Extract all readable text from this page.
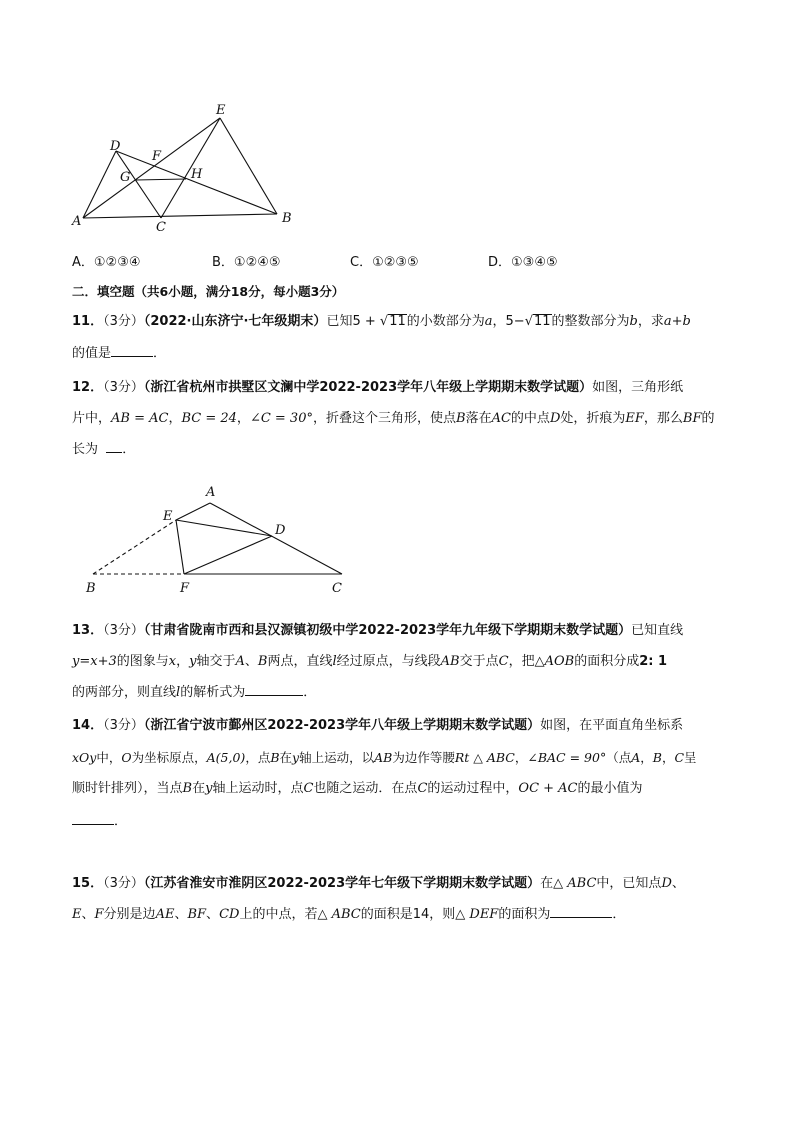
A	B
C
D
E
F
G	H
A．①②③④	B．①②④⑤	C．①②③⑤	D．①③④⑤
二．填空题（共6小题，满分18分，每小题3分）
11．（3分）（2022·山东济宁·七年级期末）已知5 + √11的小数部分为a，5−√11的整数部分为b，求a+b
的值是	．
12．（3分）（浙江省杭州市拱墅区文澜中学2022-2023学年八年级上学期期末数学试题）如图，三角形纸
片中，AB = AC，BC = 24，∠C = 30°，折叠这个三角形，使点B落在AC的中点D处，折痕为EF，那么BF的
长为 ．
A
E
D
B	F	C
13．（3分）（甘肃省陇南市西和县汉源镇初级中学2022-2023学年九年级下学期期末数学试题）已知直线
y=x+3的图象与x，y轴交于A、B两点，直线l经过原点，与线段AB交于点C，把△AOB的面积分成2: 1
的两部分，则直线l的解析式为	．
14．（3分）（浙江省宁波市鄞州区2022-2023学年八年级上学期期末数学试题）如图，在平面直角坐标系
xOy中，O为坐标原点，A(5,0)，点B在y轴上运动，以AB为边作等腰Rt △ ABC，∠BAC = 90°（点A，B，C呈
顺时针排列），当点B在y轴上运动时，点C也随之运动．在点C的运动过程中，OC + AC的最小值为
．
15．（3分）（江苏省淮安市淮阴区2022-2023学年七年级下学期期末数学试题）在△ ABC中，已知点D、
E、F分别是边AE、BF、CD上的中点，若△ ABC的面积是14，则△ DEF的面积为	．
